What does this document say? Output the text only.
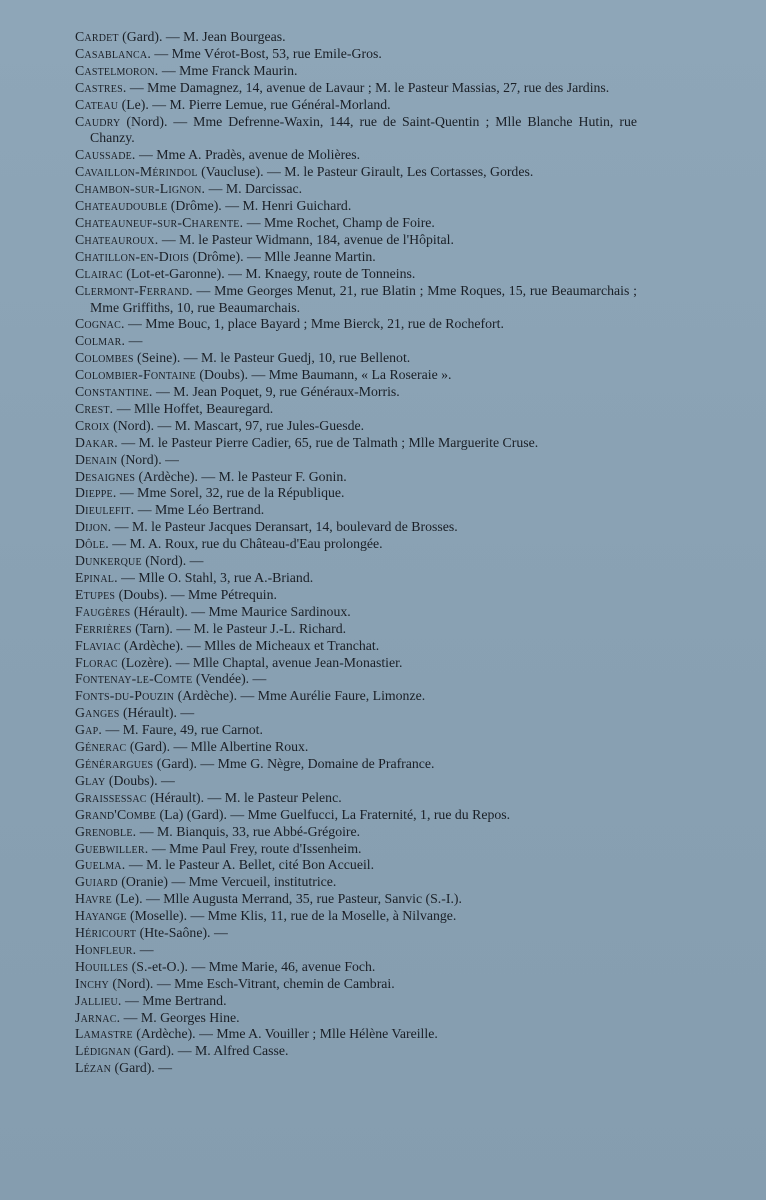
Cardet (Gard). — M. Jean Bourgeas.
Casablanca. — Mme Vérot-Bost, 53, rue Emile-Gros.
Castelmoron. — Mme Franck Maurin.
Castres. — Mme Damagnez, 14, avenue de Lavaur ; M. le Pasteur Massias, 27, rue des Jardins.
Cateau (Le). — M. Pierre Lemue, rue Général-Morland.
Caudry (Nord). — Mme Defrenne-Waxin, 144, rue de Saint-Quentin ; Mlle Blanche Hutin, rue Chanzy.
Caussade. — Mme A. Pradès, avenue de Molières.
Cavaillon-Mérindol (Vaucluse). — M. le Pasteur Girault, Les Cortasses, Gordes.
Chambon-sur-Lignon. — M. Darcissac.
Chateaudouble (Drôme). — M. Henri Guichard.
Chateauneuf-sur-Charente. — Mme Rochet, Champ de Foire.
Chateauroux. — M. le Pasteur Widmann, 184, avenue de l'Hôpital.
Chatillon-en-Diois (Drôme). — Mlle Jeanne Martin.
Clairac (Lot-et-Garonne). — M. Knaegy, route de Tonneins.
Clermont-Ferrand. — Mme Georges Menut, 21, rue Blatin ; Mme Roques, 15, rue Beaumarchais ; Mme Griffiths, 10, rue Beaumarchais.
Cognac. — Mme Bouc, 1, place Bayard ; Mme Bierck, 21, rue de Rochefort.
Colmar. —
Colombes (Seine). — M. le Pasteur Guedj, 10, rue Bellenot.
Colombier-Fontaine (Doubs). — Mme Baumann, « La Roseraie ».
Constantine. — M. Jean Poquet, 9, rue Généraux-Morris.
Crest. — Mlle Hoffet, Beauregard.
Croix (Nord). — M. Mascart, 97, rue Jules-Guesde.
Dakar. — M. le Pasteur Pierre Cadier, 65, rue de Talmath ; Mlle Marguerite Cruse.
Denain (Nord). —
Desaignes (Ardèche). — M. le Pasteur F. Gonin.
Dieppe. — Mme Sorel, 32, rue de la République.
Dieulefit. — Mme Léo Bertrand.
Dijon. — M. le Pasteur Jacques Deransart, 14, boulevard de Brosses.
Dôle. — M. A. Roux, rue du Château-d'Eau prolongée.
Dunkerque (Nord). —
Epinal. — Mlle O. Stahl, 3, rue A.-Briand.
Etupes (Doubs). — Mme Pétrequin.
Faugères (Hérault). — Mme Maurice Sardinoux.
Ferrières (Tarn). — M. le Pasteur J.-L. Richard.
Flaviac (Ardèche). — Mlles de Micheaux et Tranchat.
Florac (Lozère). — Mlle Chaptal, avenue Jean-Monastier.
Fontenay-le-Comte (Vendée). —
Fonts-du-Pouzin (Ardèche). — Mme Aurélie Faure, Limonze.
Ganges (Hérault). —
Gap. — M. Faure, 49, rue Carnot.
Génerac (Gard). — Mlle Albertine Roux.
Générargues (Gard). — Mme G. Nègre, Domaine de Prafrance.
Glay (Doubs). —
Graissessac (Hérault). — M. le Pasteur Pelenc.
Grand'Combe (La) (Gard). — Mme Guelfucci, La Fraternité, 1, rue du Repos.
Grenoble. — M. Bianquis, 33, rue Abbé-Grégoire.
Guebwiller. — Mme Paul Frey, route d'Issenheim.
Guelma. — M. le Pasteur A. Bellet, cité Bon Accueil.
Guiard (Oranie) — Mme Vercueil, institutrice.
Havre (Le). — Mlle Augusta Merrand, 35, rue Pasteur, Sanvic (S.-I.).
Hayange (Moselle). — Mme Klis, 11, rue de la Moselle, à Nilvange.
Héricourt (Hte-Saône). —
Honfleur. —
Houilles (S.-et-O.). — Mme Marie, 46, avenue Foch.
Inchy (Nord). — Mme Esch-Vitrant, chemin de Cambrai.
Jallieu. — Mme Bertrand.
Jarnac. — M. Georges Hine.
Lamastre (Ardèche). — Mme A. Vouiller ; Mlle Hélène Vareille.
Lédignan (Gard). — M. Alfred Casse.
Lézan (Gard). —
